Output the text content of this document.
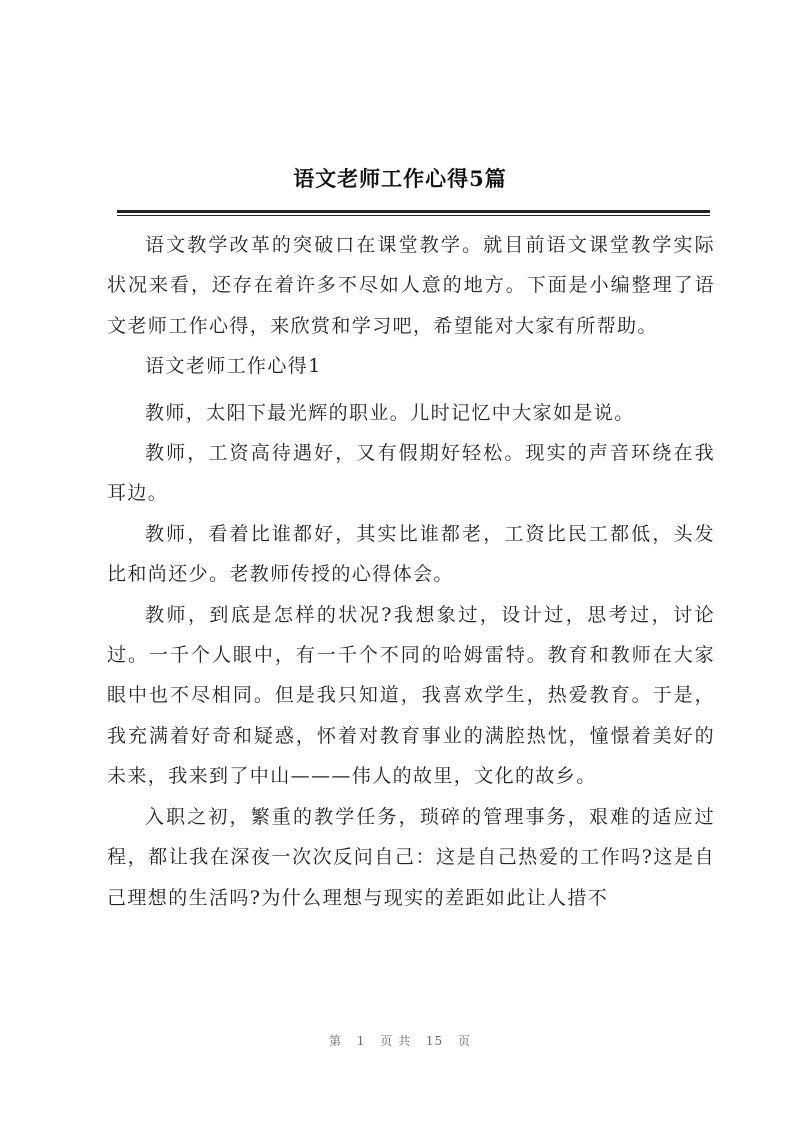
语文老师工作心得5篇

语文教学改革的突破口在课堂教学。就目前语文课堂教学实际状况来看，还存在着许多不尽如人意的地方。下面是小编整理了语文老师工作心得，来欣赏和学习吧，希望能对大家有所帮助。

语文老师工作心得1

教师，太阳下最光辉的职业。儿时记忆中大家如是说。

教师，工资高待遇好，又有假期好轻松。现实的声音环绕在我耳边。

教师，看着比谁都好，其实比谁都老，工资比民工都低，头发比和尚还少。老教师传授的心得体会。

教师，到底是怎样的状况?我想象过，设计过，思考过，讨论过。一千个人眼中，有一千个不同的哈姆雷特。教育和教师在大家眼中也不尽相同。但是我只知道，我喜欢学生，热爱教育。于是，我充满着好奇和疑惑，怀着对教育事业的满腔热忱，憧憬着美好的未来，我来到了中山———伟人的故里，文化的故乡。

入职之初，繁重的教学任务，琐碎的管理事务，艰难的适应过程，都让我在深夜一次次反问自己：这是自己热爱的工作吗?这是自己理想的生活吗?为什么理想与现实的差距如此让人措不

第 1 页 共 15 页
